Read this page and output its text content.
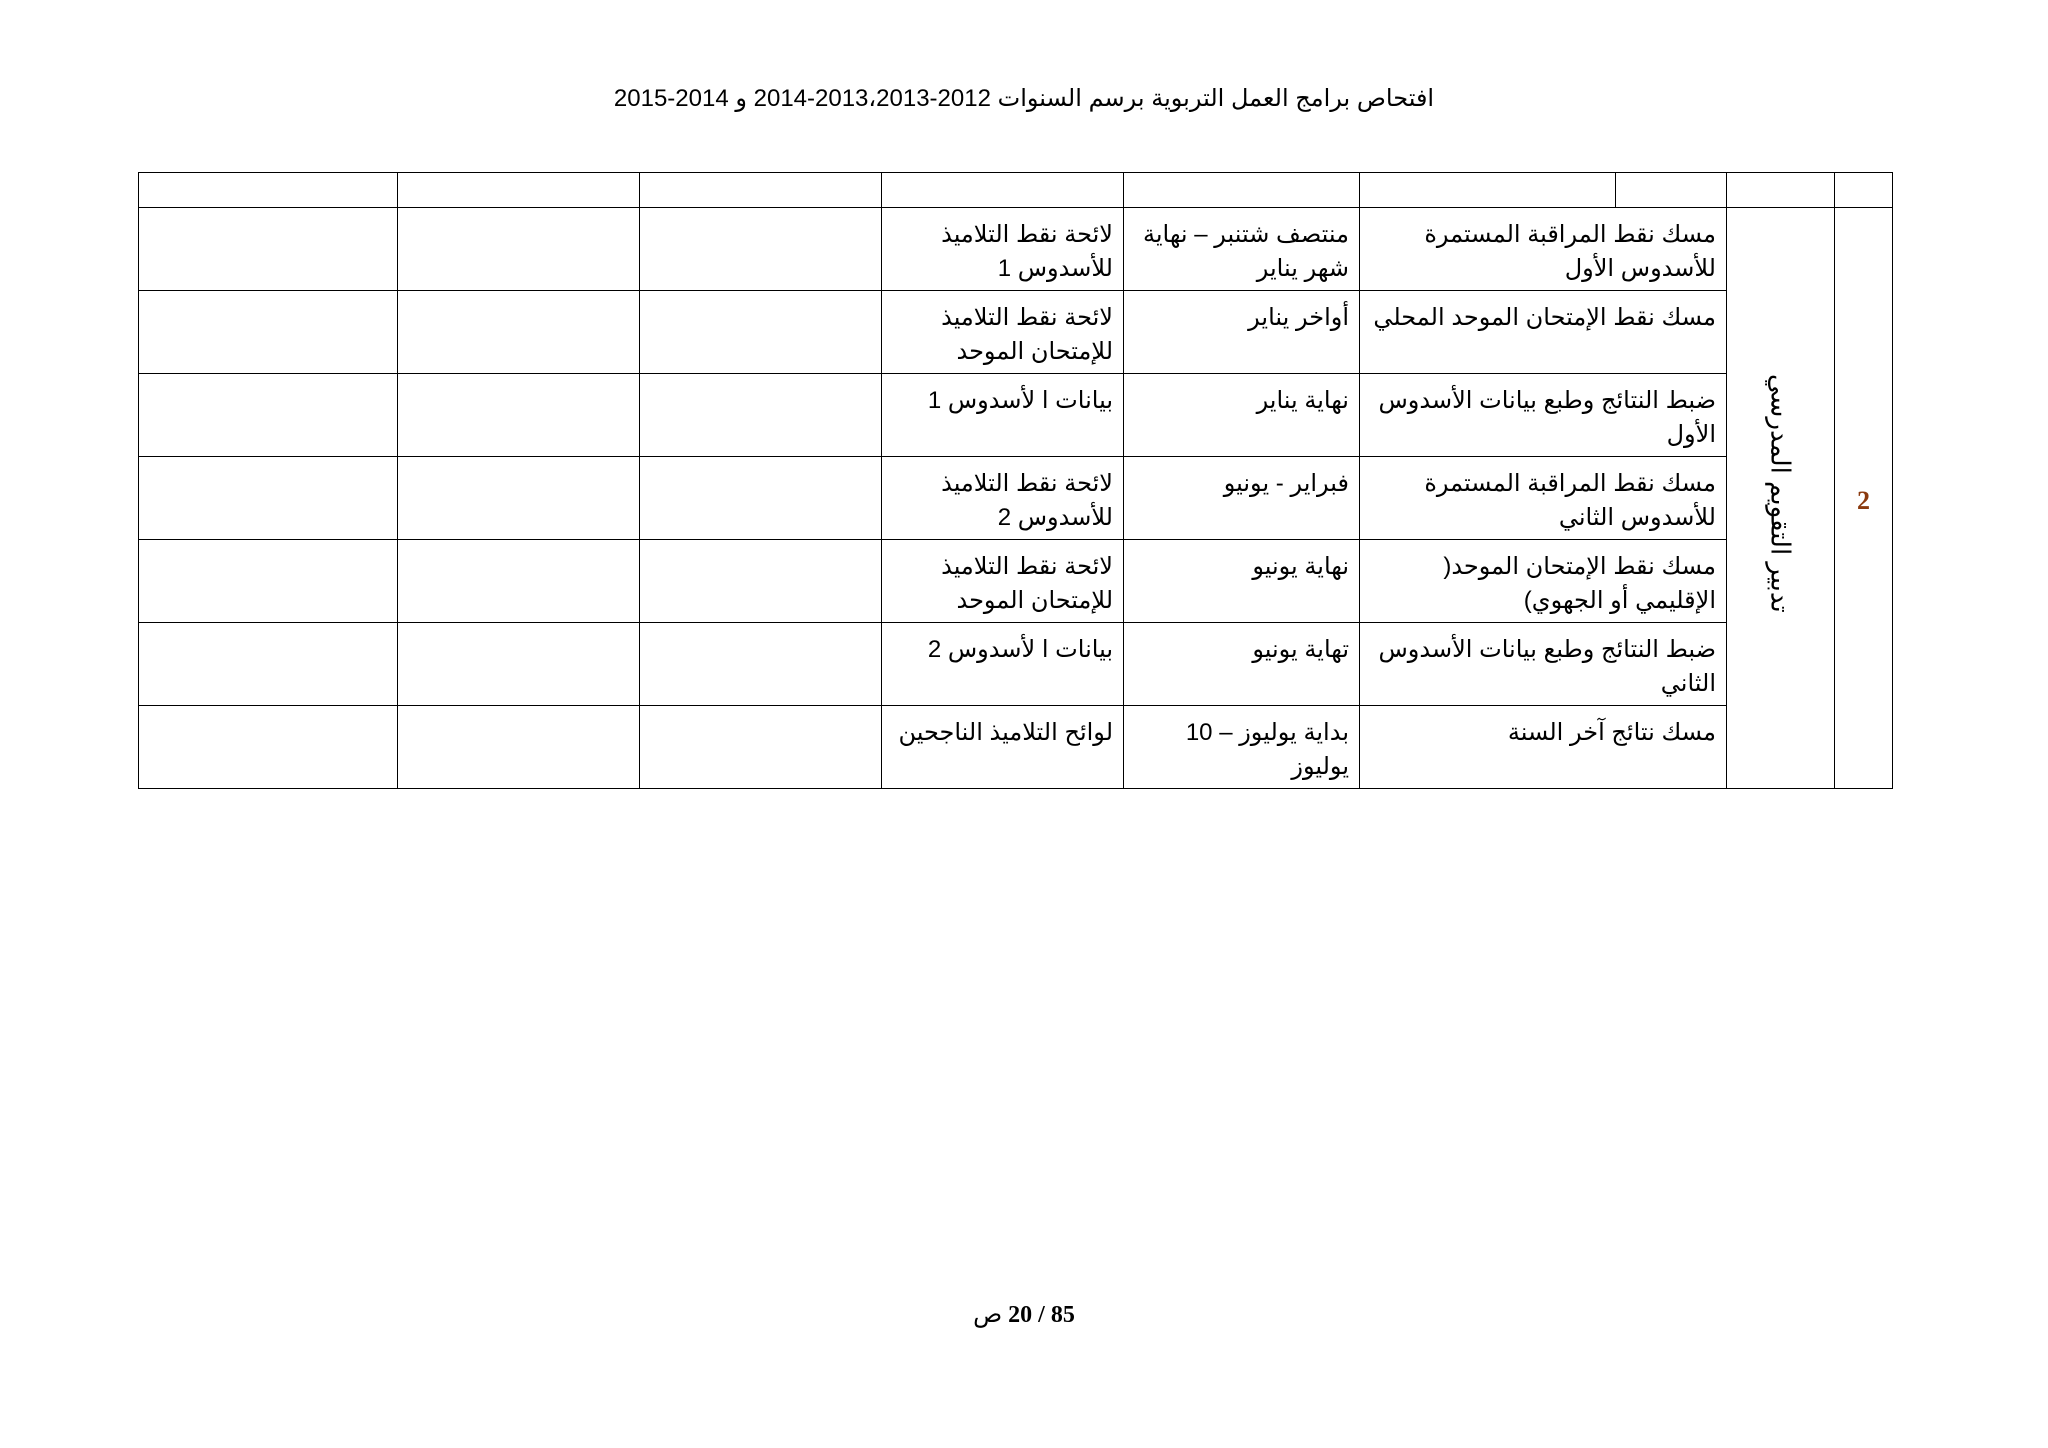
افتحاص برامج العمل التربوية برسم السنوات 2012-2013،2013-2014 و 2014-2015

2	تدبير التقويم المدرسي	مسك نقط المراقبة المستمرة للأسدوس الأول	منتصف شتنبر – نهاية شهر يناير	لائحة نقط التلاميذ للأسدوس 1			
		مسك نقط الإمتحان الموحد المحلي	أواخر يناير	لائحة نقط التلاميذ للإمتحان الموحد			
		ضبط النتائج وطبع بيانات الأسدوس الأول	نهاية يناير	بيانات ا لأسدوس 1			
		مسك نقط المراقبة المستمرة للأسدوس الثاني	فبراير - يونيو	لائحة نقط التلاميذ للأسدوس 2			
		مسك نقط الإمتحان الموحد( الإقليمي أو الجهوي)	نهاية يونيو	لائحة نقط التلاميذ للإمتحان الموحد			
		ضبط النتائج وطبع بيانات الأسدوس الثاني	تهاية يونيو	بيانات ا لأسدوس 2			
		مسك نتائج آخر السنة	بداية يوليوز – 10 يوليوز	لوائح التلاميذ الناجحين			
85 / 20 ص
